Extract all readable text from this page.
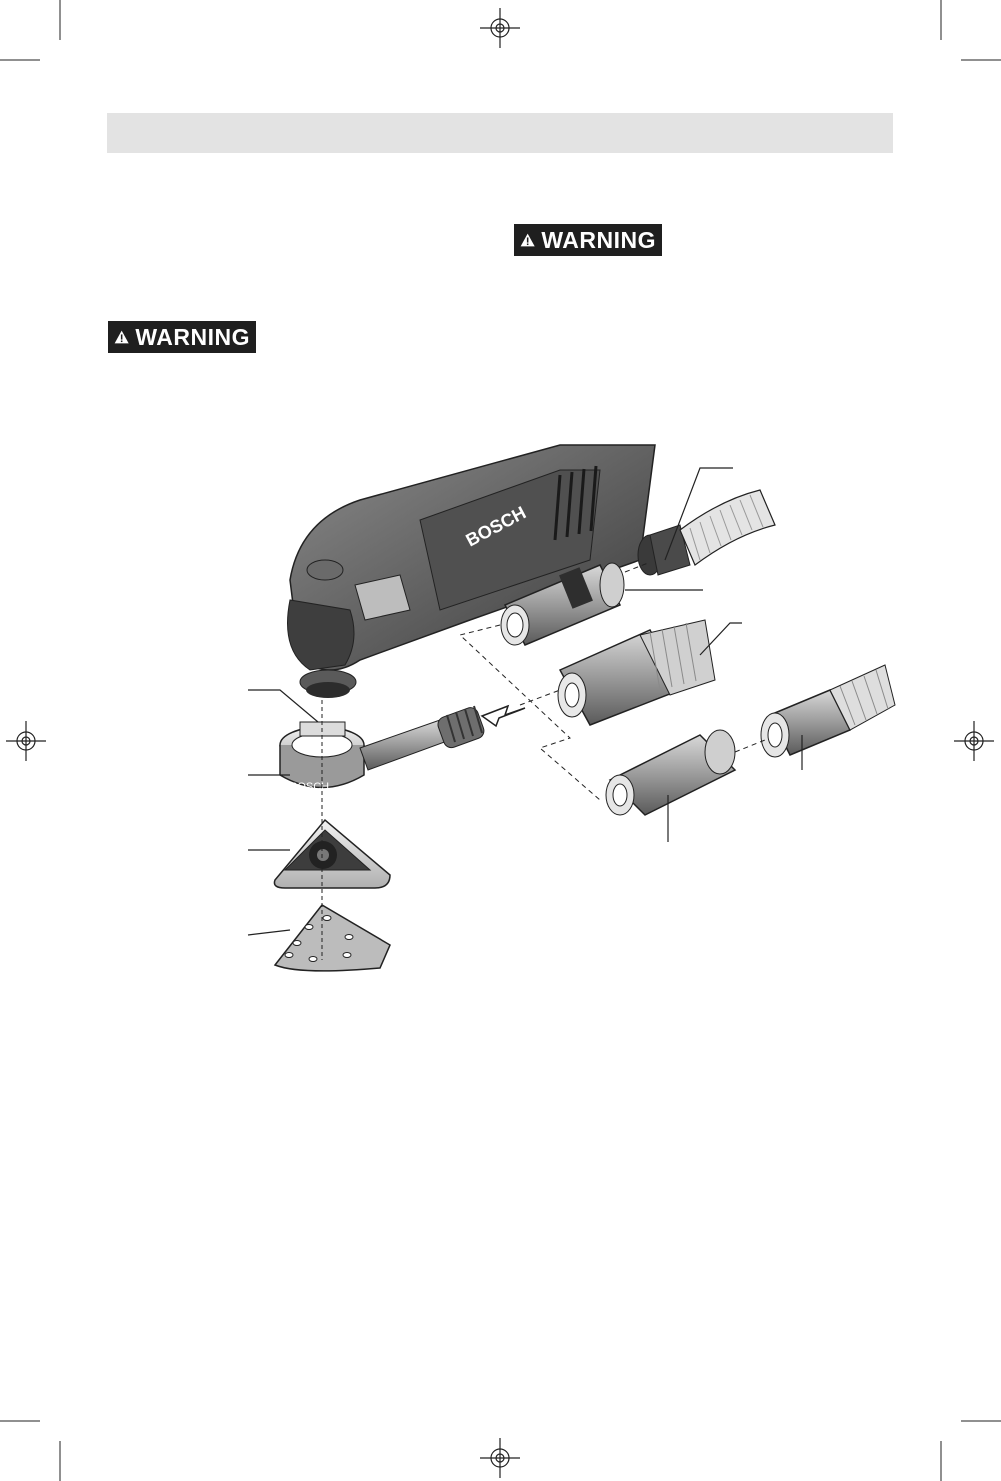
WARNING
WARNING
BOSCH
BOSCH
